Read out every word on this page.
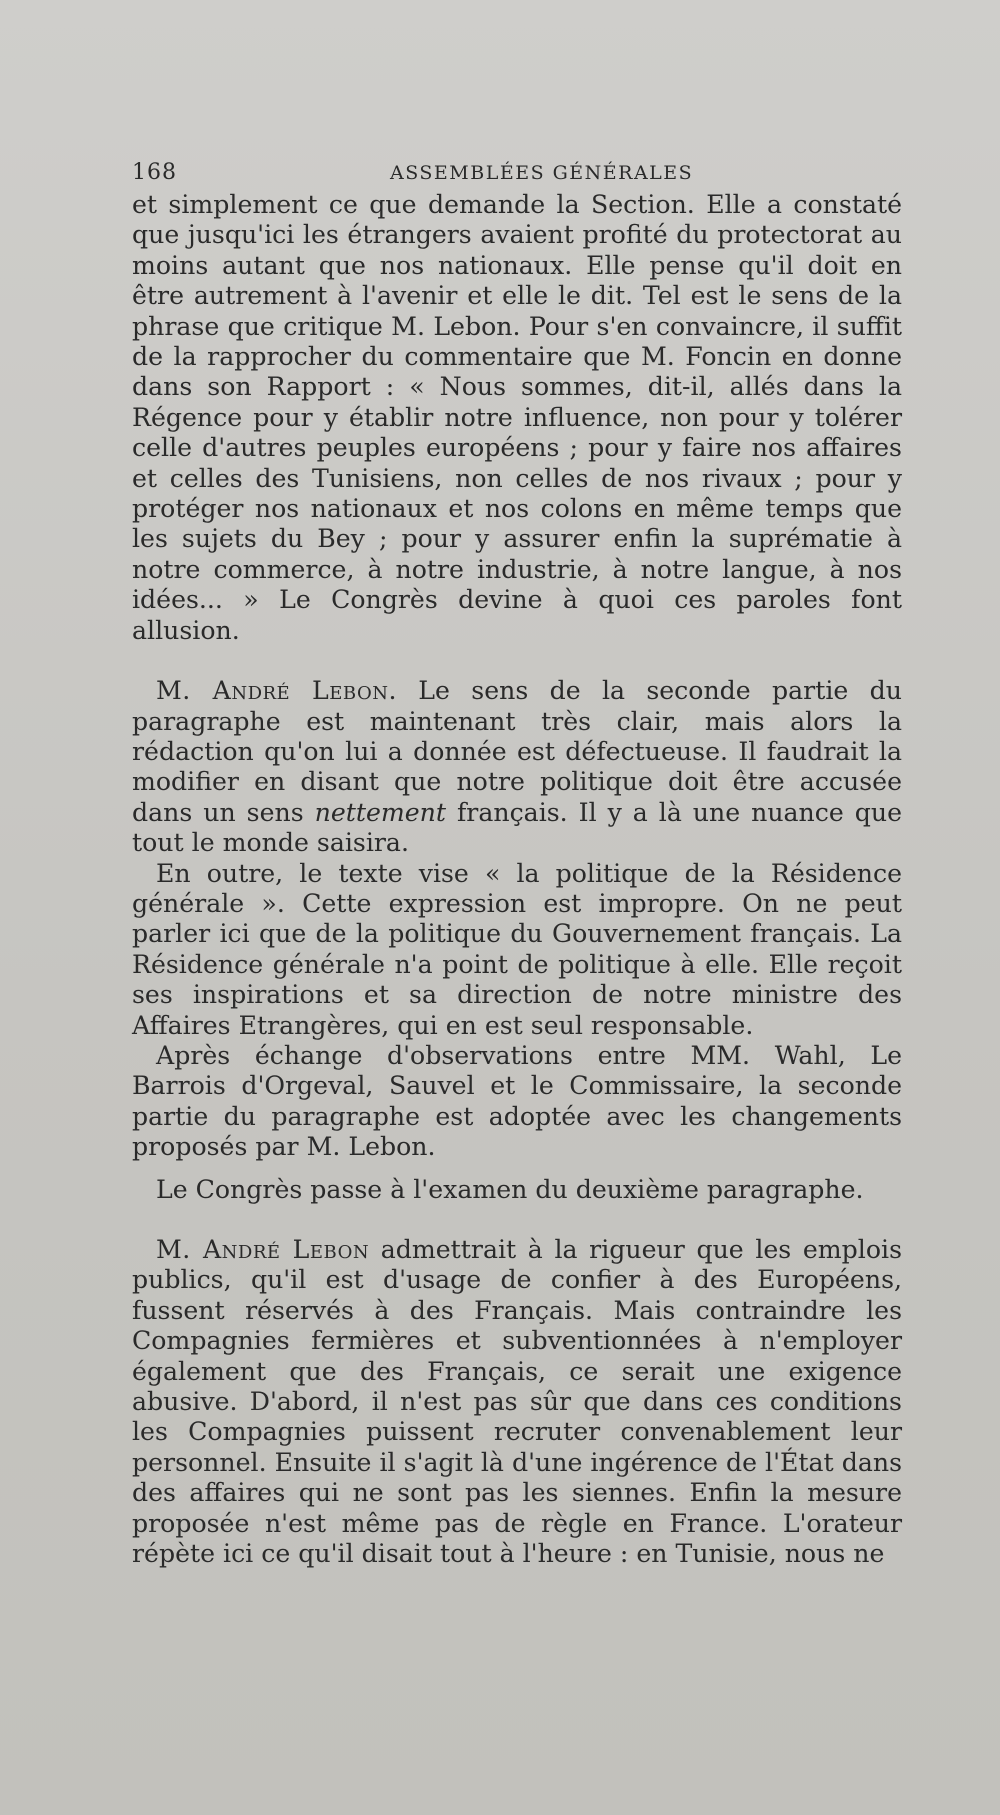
168	ASSEMBLÉES GÉNÉRALES

et simplement ce que demande la Section. Elle a constaté que jusqu'ici les étrangers avaient profité du protectorat au moins autant que nos nationaux. Elle pense qu'il doit en être autrement à l'avenir et elle le dit. Tel est le sens de la phrase que critique M. Lebon. Pour s'en convaincre, il suffit de la rapprocher du commentaire que M. Foncin en donne dans son Rapport : « Nous sommes, dit-il, allés dans la Régence pour y établir notre influence, non pour y tolérer celle d'autres peuples européens ; pour y faire nos affaires et celles des Tunisiens, non celles de nos rivaux ; pour y protéger nos nationaux et nos colons en même temps que les sujets du Bey ; pour y assurer enfin la suprématie à notre commerce, à notre industrie, à notre langue, à nos idées... » Le Congrès devine à quoi ces paroles font allusion.

M. André Lebon. Le sens de la seconde partie du paragraphe est maintenant très clair, mais alors la rédaction qu'on lui a donnée est défectueuse. Il faudrait la modifier en disant que notre politique doit être accusée dans un sens nettement français. Il y a là une nuance que tout le monde saisira.

En outre, le texte vise « la politique de la Résidence générale ». Cette expression est impropre. On ne peut parler ici que de la politique du Gouvernement français. La Résidence générale n'a point de politique à elle. Elle reçoit ses inspirations et sa direction de notre ministre des Affaires Etrangères, qui en est seul responsable.

Après échange d'observations entre MM. Wahl, Le Barrois d'Orgeval, Sauvel et le Commissaire, la seconde partie du paragraphe est adoptée avec les changements proposés par M. Lebon.

Le Congrès passe à l'examen du deuxième paragraphe.

M. André Lebon admettrait à la rigueur que les emplois publics, qu'il est d'usage de confier à des Européens, fussent réservés à des Français. Mais contraindre les Compagnies fermières et subventionnées à n'employer également que des Français, ce serait une exigence abusive. D'abord, il n'est pas sûr que dans ces conditions les Compagnies puissent recruter convenablement leur personnel. Ensuite il s'agit là d'une ingérence de l'État dans des affaires qui ne sont pas les siennes. Enfin la mesure proposée n'est même pas de règle en France. L'orateur répète ici ce qu'il disait tout à l'heure : en Tunisie, nous ne
